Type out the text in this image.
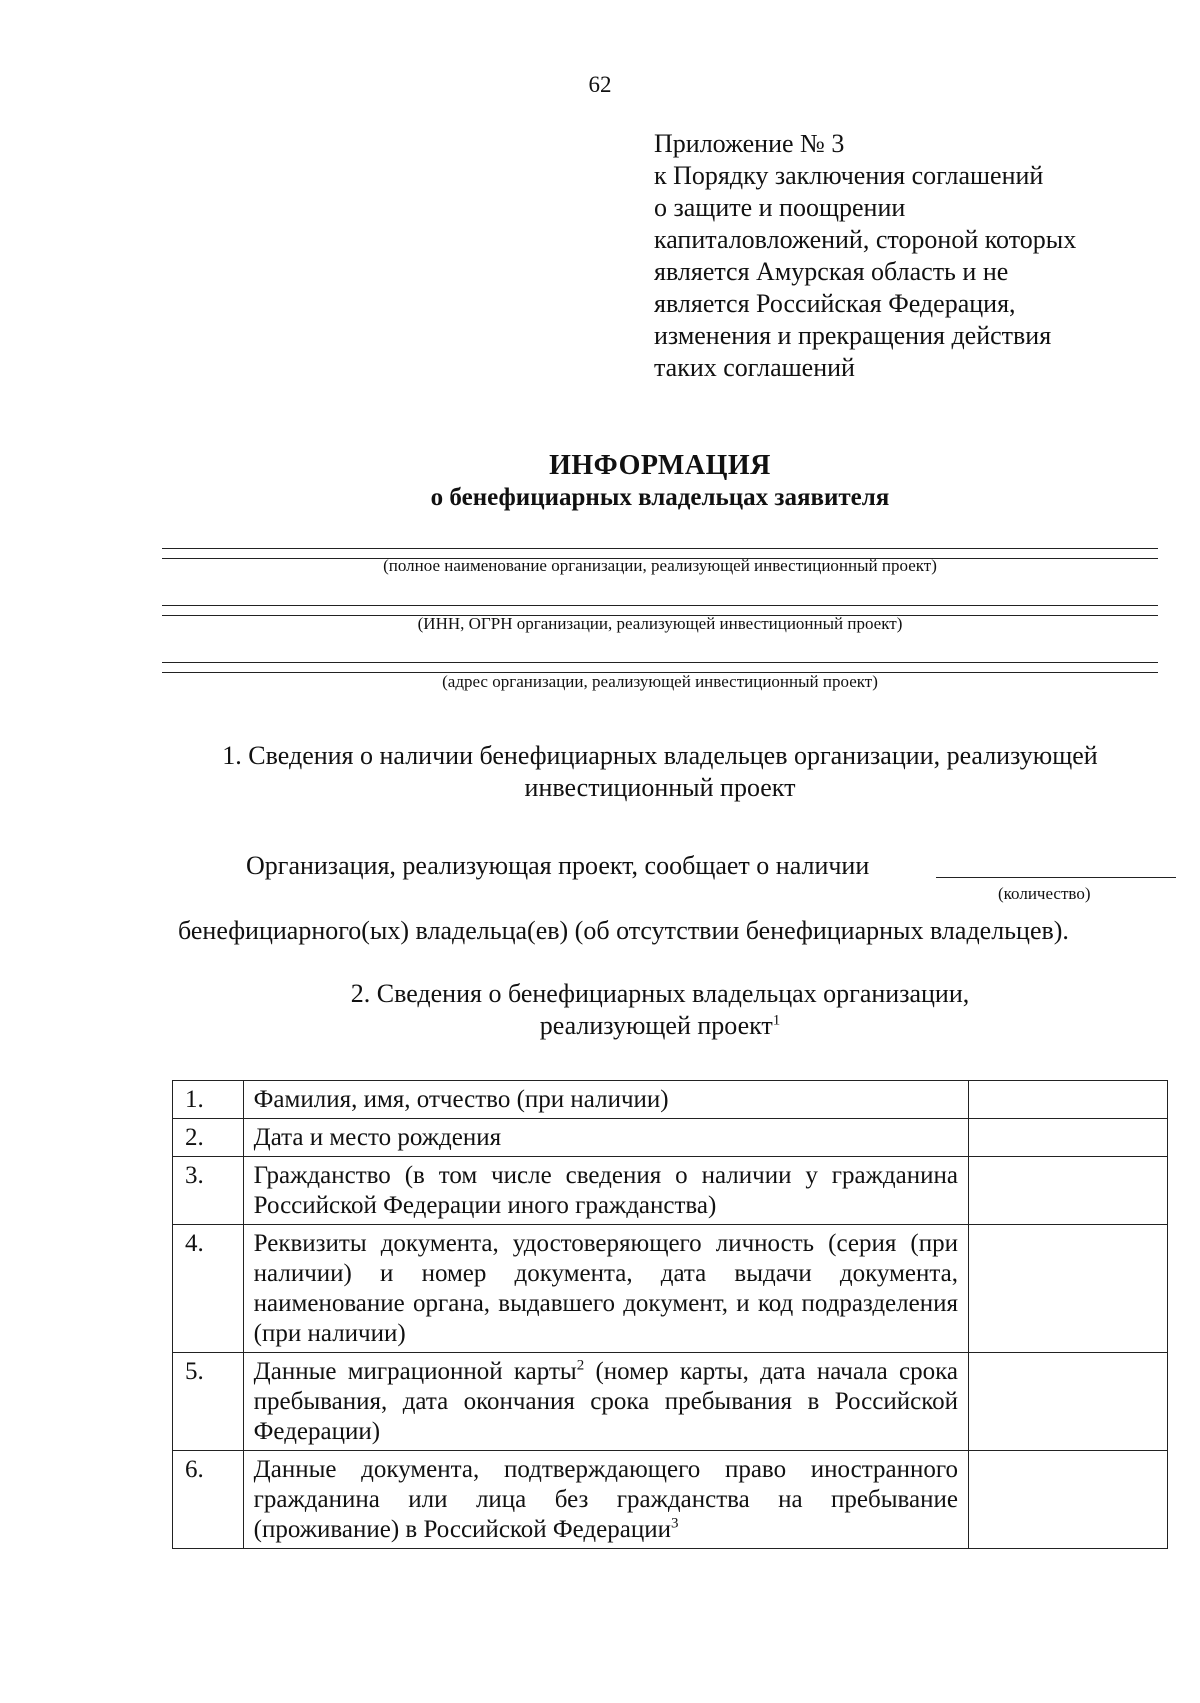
62
Приложение № 3
к Порядку заключения соглашений
о защите и поощрении
капиталовложений, стороной которых
является Амурская область и не
является Российская Федерация,
изменения и прекращения действия
таких соглашений
ИНФОРМАЦИЯ
о бенефициарных владельцах заявителя
(полное наименование организации, реализующей инвестиционный проект)
(ИНН, ОГРН организации, реализующей инвестиционный проект)
(адрес организации, реализующей инвестиционный проект)
1. Сведения о наличии бенефициарных владельцев организации, реализующей
инвестиционный проект
Организация, реализующая проект, сообщает о наличии
(количество)
бенефициарного(ых) владельца(ев) (об отсутствии бенефициарных владельцев).
2. Сведения о бенефициарных владельцах организации,
реализующей проект$^1$
1.	Фамилия, имя, отчество (при наличии)	
2.	Дата и место рождения	
3.	Гражданство (в том числе сведения о наличии у гражданина Российской Федерации иного гражданства)	
4.	Реквизиты документа, удостоверяющего личность (серия (при наличии) и номер документа, дата выдачи документа, наименование органа, выдавшего документ, и код подразделения (при наличии)	
5.	Данные миграционной карты$^2$ (номер карты, дата начала срока пребывания, дата окончания срока пребывания в Российской Федерации)	
6.	Данные документа, подтверждающего право иностранного гражданина или лица без гражданства на пребывание (проживание) в Российской Федерации$^3$	
